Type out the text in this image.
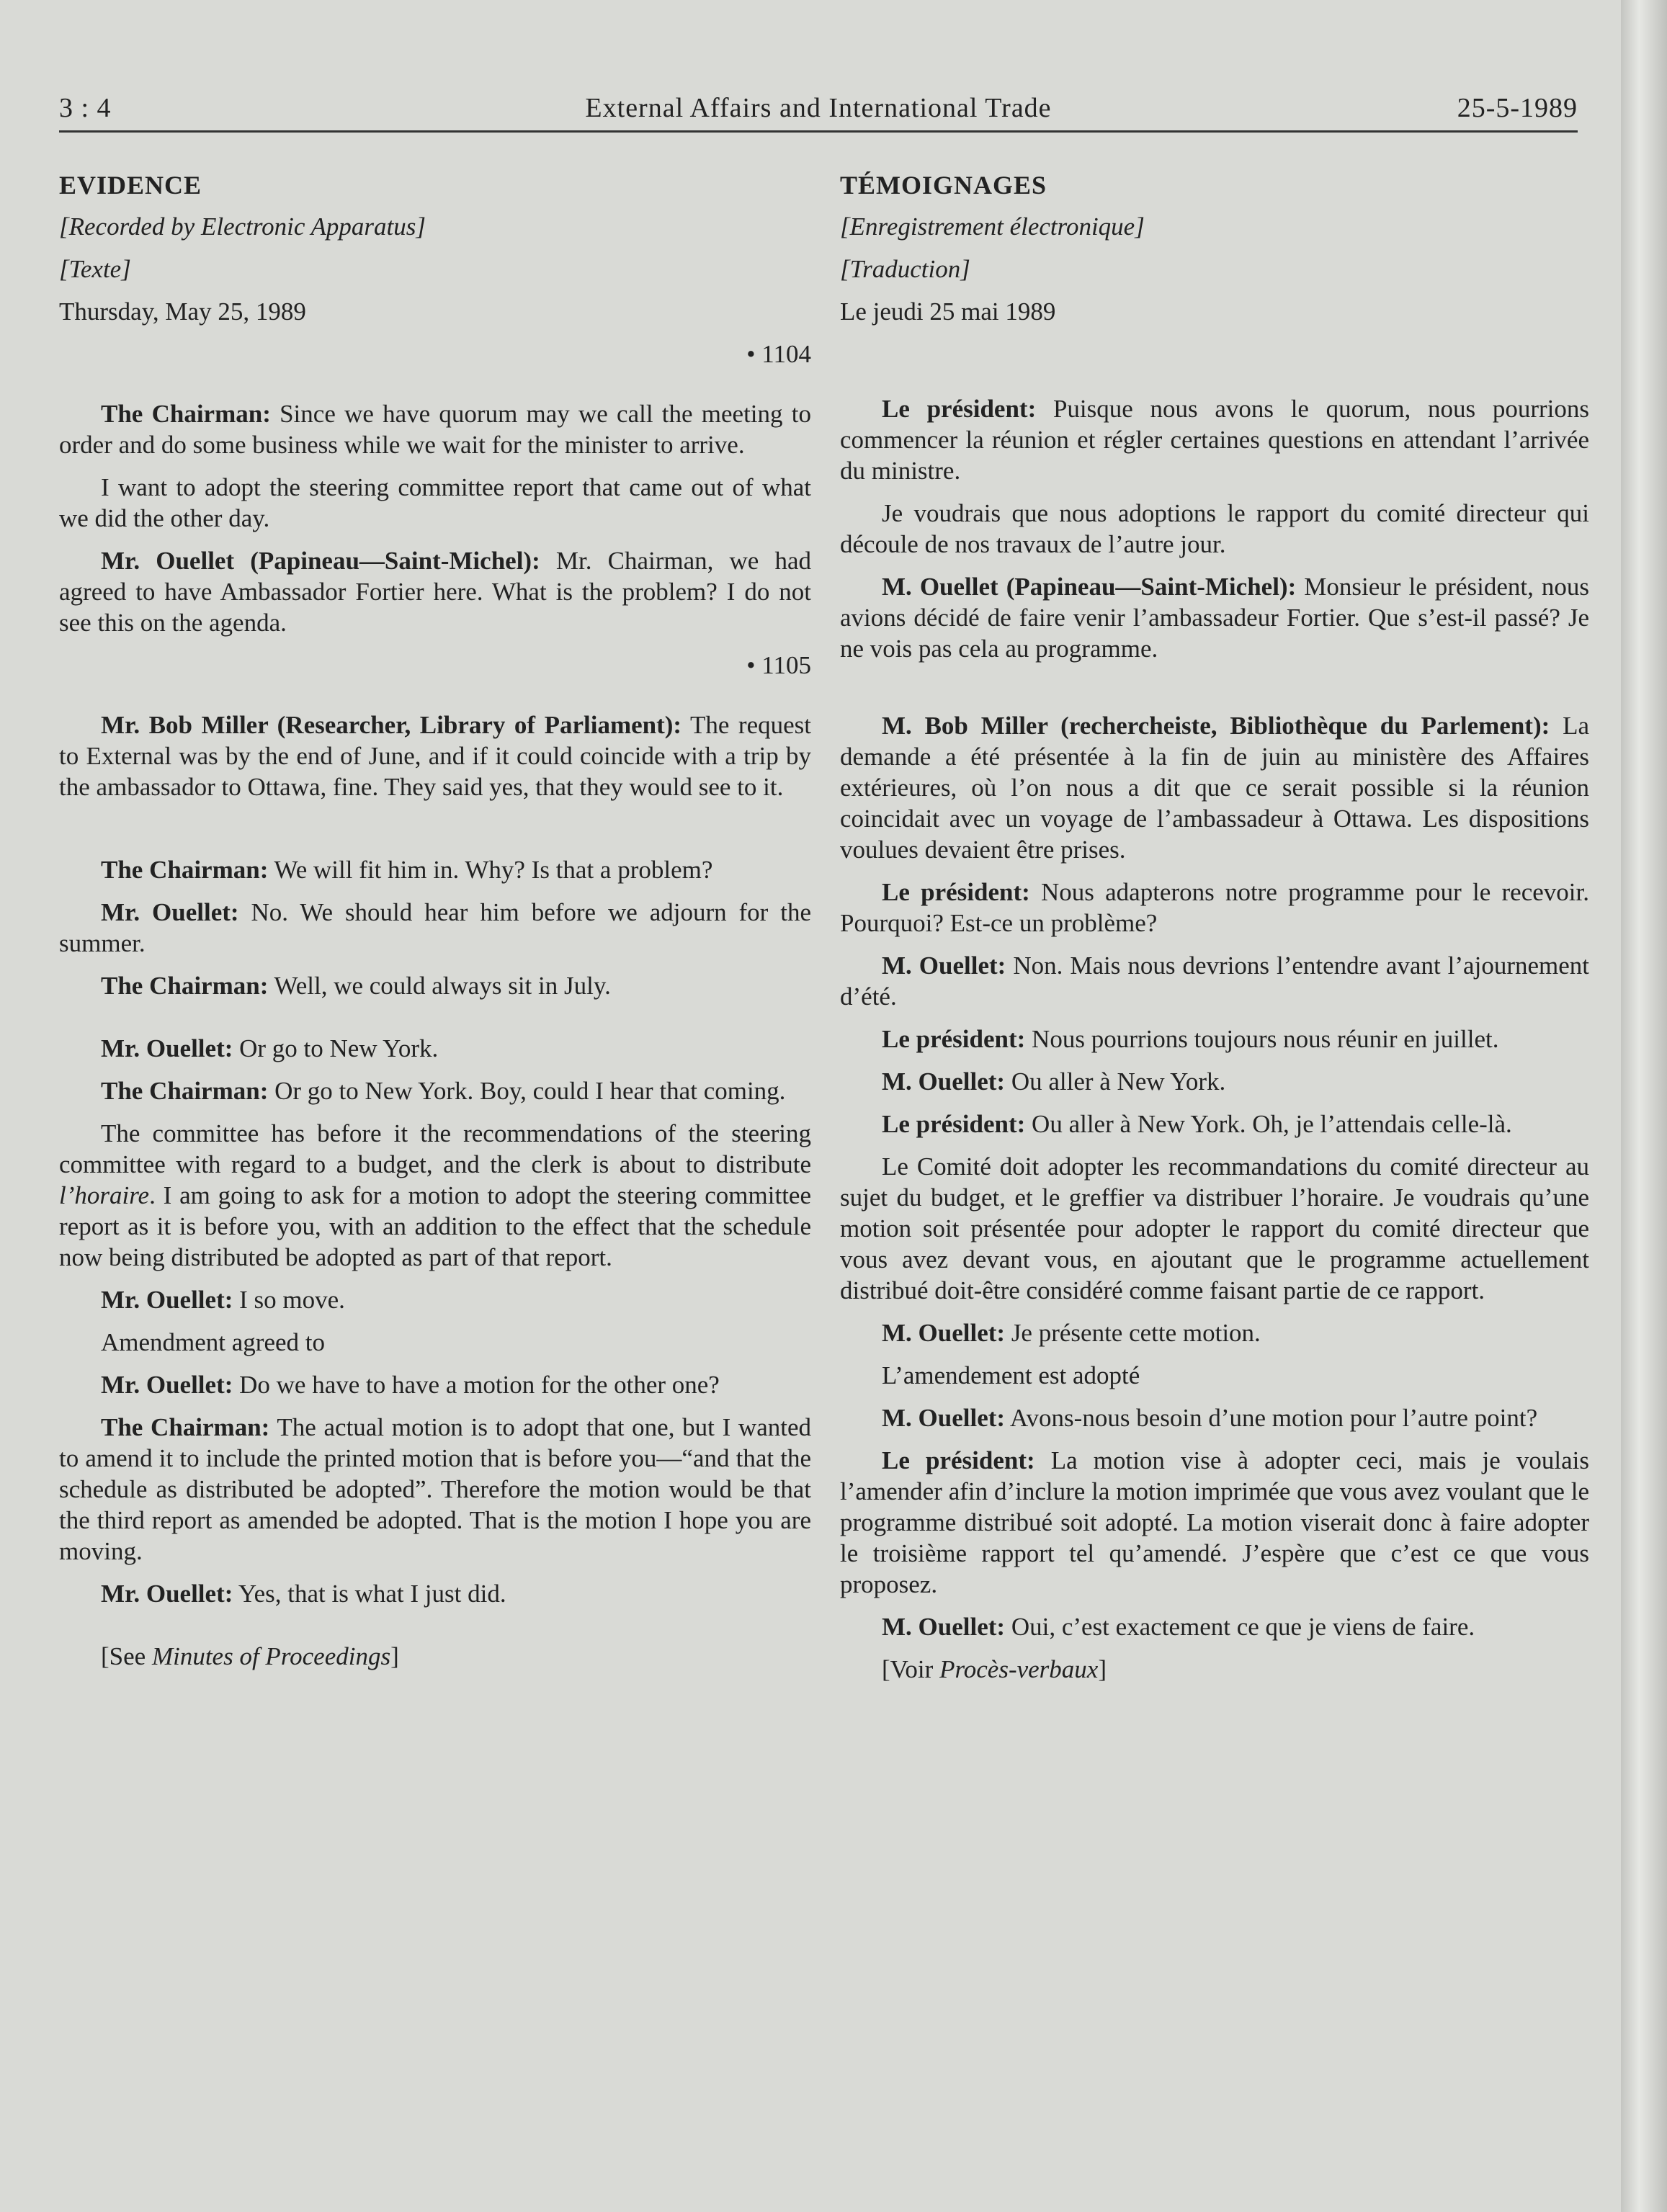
3 : 4	External Affairs and International Trade	25-5-1989
EVIDENCE

[Recorded by Electronic Apparatus]

[Texte]

Thursday, May 25, 1989

• 1104

The Chairman: Since we have quorum may we call the meeting to order and do some business while we wait for the minister to arrive.

I want to adopt the steering committee report that came out of what we did the other day.

Mr. Ouellet (Papineau—Saint-Michel): Mr. Chairman, we had agreed to have Ambassador Fortier here. What is the problem? I do not see this on the agenda.

• 1105

Mr. Bob Miller (Researcher, Library of Parliament): The request to External was by the end of June, and if it could coincide with a trip by the ambassador to Ottawa, fine. They said yes, that they would see to it.

The Chairman: We will fit him in. Why? Is that a problem?

Mr. Ouellet: No. We should hear him before we adjourn for the summer.

The Chairman: Well, we could always sit in July.

Mr. Ouellet: Or go to New York.

The Chairman: Or go to New York. Boy, could I hear that coming.

The committee has before it the recommendations of the steering committee with regard to a budget, and the clerk is about to distribute l’horaire. I am going to ask for a motion to adopt the steering committee report as it is before you, with an addition to the effect that the schedule now being distributed be adopted as part of that report.

Mr. Ouellet: I so move.

Amendment agreed to

Mr. Ouellet: Do we have to have a motion for the other one?

The Chairman: The actual motion is to adopt that one, but I wanted to amend it to include the printed motion that is before you—“and that the schedule as distributed be adopted”. Therefore the motion would be that the third report as amended be adopted. That is the motion I hope you are moving.

Mr. Ouellet: Yes, that is what I just did.

[See Minutes of Proceedings]

TÉMOIGNAGES

[Enregistrement électronique]

[Traduction]

Le jeudi 25 mai 1989

Le président: Puisque nous avons le quorum, nous pourrions commencer la réunion et régler certaines questions en attendant l’arrivée du ministre.

Je voudrais que nous adoptions le rapport du comité directeur qui découle de nos travaux de l’autre jour.

M. Ouellet (Papineau—Saint-Michel): Monsieur le président, nous avions décidé de faire venir l’ambassadeur Fortier. Que s’est-il passé? Je ne vois pas cela au programme.

M. Bob Miller (rechercheiste, Bibliothèque du Parlement): La demande a été présentée à la fin de juin au ministère des Affaires extérieures, où l’on nous a dit que ce serait possible si la réunion coincidait avec un voyage de l’ambassadeur à Ottawa. Les dispositions voulues devaient être prises.

Le président: Nous adapterons notre programme pour le recevoir. Pourquoi? Est-ce un problème?

M. Ouellet: Non. Mais nous devrions l’entendre avant l’ajournement d’été.

Le président: Nous pourrions toujours nous réunir en juillet.

M. Ouellet: Ou aller à New York.

Le président: Ou aller à New York. Oh, je l’attendais celle-là.

Le Comité doit adopter les recommandations du comité directeur au sujet du budget, et le greffier va distribuer l’horaire. Je voudrais qu’une motion soit présentée pour adopter le rapport du comité directeur que vous avez devant vous, en ajoutant que le programme actuellement distribué doit-être considéré comme faisant partie de ce rapport.

M. Ouellet: Je présente cette motion.

L’amendement est adopté

M. Ouellet: Avons-nous besoin d’une motion pour l’autre point?

Le président: La motion vise à adopter ceci, mais je voulais l’amender afin d’inclure la motion imprimée que vous avez voulant que le programme distribué soit adopté. La motion viserait donc à faire adopter le troisième rapport tel qu’amendé. J’espère que c’est ce que vous proposez.

M. Ouellet: Oui, c’est exactement ce que je viens de faire.

[Voir Procès-verbaux]
